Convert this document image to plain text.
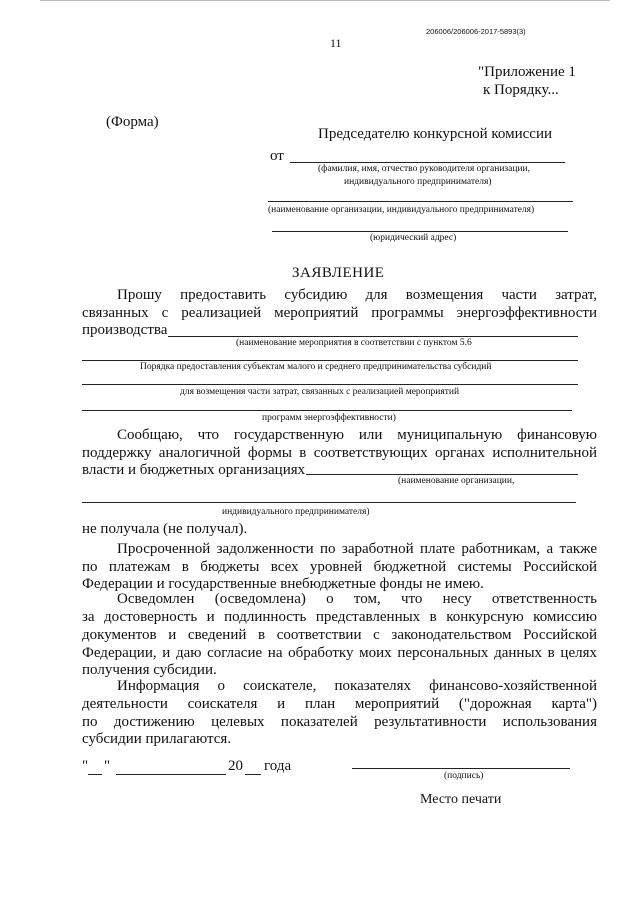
206006/206006-2017-5893(3)
11
"Приложение 1
к Порядку...
(Форма)
Председателю конкурсной комиссии
от
(фамилия, имя, отчество руководителя организации,
индивидуального предпринимателя)
(наименование организации, индивидуального предпринимателя)
(юридический адрес)
ЗАЯВЛЕНИЕ
Прошу предоставить субсидию для возмещения части затрат,
связанных с реализацией мероприятий программы энергоэффективности
производства
(наименование мероприятия в соответствии с пунктом 5.6
Порядка предоставления субъектам малого и среднего предпринимательства субсидий
для возмещения части затрат, связанных с реализацией мероприятий
программ энергоэффективности)
Сообщаю, что государственную или муниципальную финансовую
поддержку аналогичной формы в соответствующих органах исполнительной
власти и бюджетных организациях
(наименование организации,
индивидуального предпринимателя)
не получала (не получал).
Просроченной задолженности по заработной плате работникам, а также
по платежам в бюджеты всех уровней бюджетной системы Российской
Федерации и государственные внебюджетные фонды не имею.
Осведомлен (осведомлена) о том, что несу ответственность
за достоверность и подлинность представленных в конкурсную комиссию
документов и сведений в соответствии с законодательством Российской
Федерации, и даю согласие на обработку моих персональных данных в целях
получения субсидии.
Информация о соискателе, показателях финансово-хозяйственной
деятельности соискателя и план мероприятий ("дорожная карта")
по достижению целевых показателей результативности использования
субсидии прилагаются.
" "	20 года
(подпись)
Место печати
